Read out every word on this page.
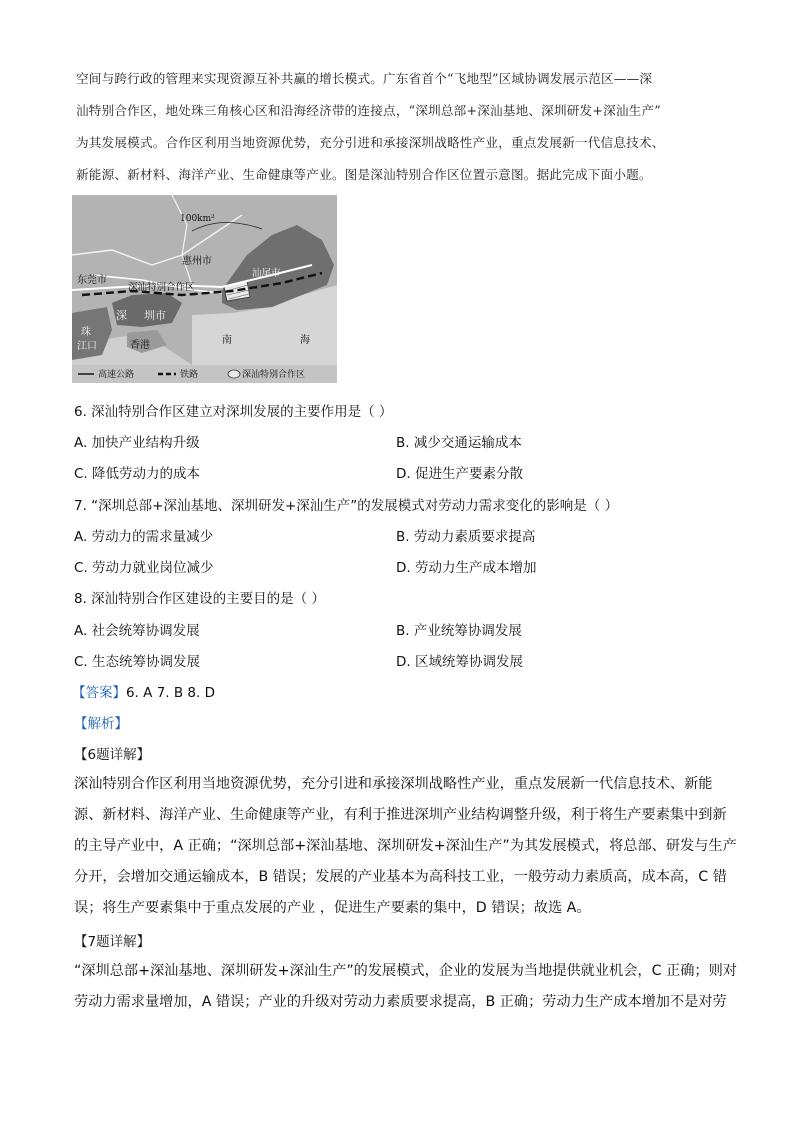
空间与跨行政的管理来实现资源互补共赢的增长模式。广东省首个“飞地型”区域协调发展示范区——深
汕特别合作区，地处珠三角核心区和沿海经济带的连接点，“深圳总部+深汕基地、深圳研发+深汕生产”
为其发展模式。合作区利用当地资源优势，充分引进和承接深圳战略性产业，重点发展新一代信息技术、
新能源、新材料、海洋产业、生命健康等产业。图是深汕特别合作区位置示意图。据此完成下面小题。
100km²
惠州市
东莞市
深汕特别合作区
汕尾市
深 圳市
珠
江口	香港	南	海
高速公路	铁路	深汕特别合作区
6. 深汕特别合作区建立对深圳发展的主要作用是（ ）
A. 加快产业结构升级	B. 减少交通运输成本
C. 降低劳动力的成本	D. 促进生产要素分散
7. “深圳总部+深汕基地、深圳研发+深汕生产”的发展模式对劳动力需求变化的影响是（ ）
A. 劳动力的需求量减少	B. 劳动力素质要求提高
C. 劳动力就业岗位减少	D. 劳动力生产成本增加
8. 深汕特别合作区建设的主要目的是（ ）
A. 社会统筹协调发展	B. 产业统筹协调发展
C. 生态统筹协调发展	D. 区域统筹协调发展
【答案】6. A 7. B 8. D
【解析】
【6题详解】
深汕特别合作区利用当地资源优势，充分引进和承接深圳战略性产业，重点发展新一代信息技术、新能
源、新材料、海洋产业、生命健康等产业，有利于推进深圳产业结构调整升级，利于将生产要素集中到新
的主导产业中，A 正确；“深圳总部+深汕基地、深圳研发+深汕生产”为其发展模式，将总部、研发与生产
分开，会增加交通运输成本，B 错误；发展的产业基本为高科技工业，一般劳动力素质高，成本高，C 错
误；将生产要素集中于重点发展的产业 ，促进生产要素的集中，D 错误；故选 A。
【7题详解】
“深圳总部+深汕基地、深圳研发+深汕生产”的发展模式，企业的发展为当地提供就业机会，C 正确；则对
劳动力需求量增加，A 错误；产业的升级对劳动力素质要求提高，B 正确；劳动力生产成本增加不是对劳
